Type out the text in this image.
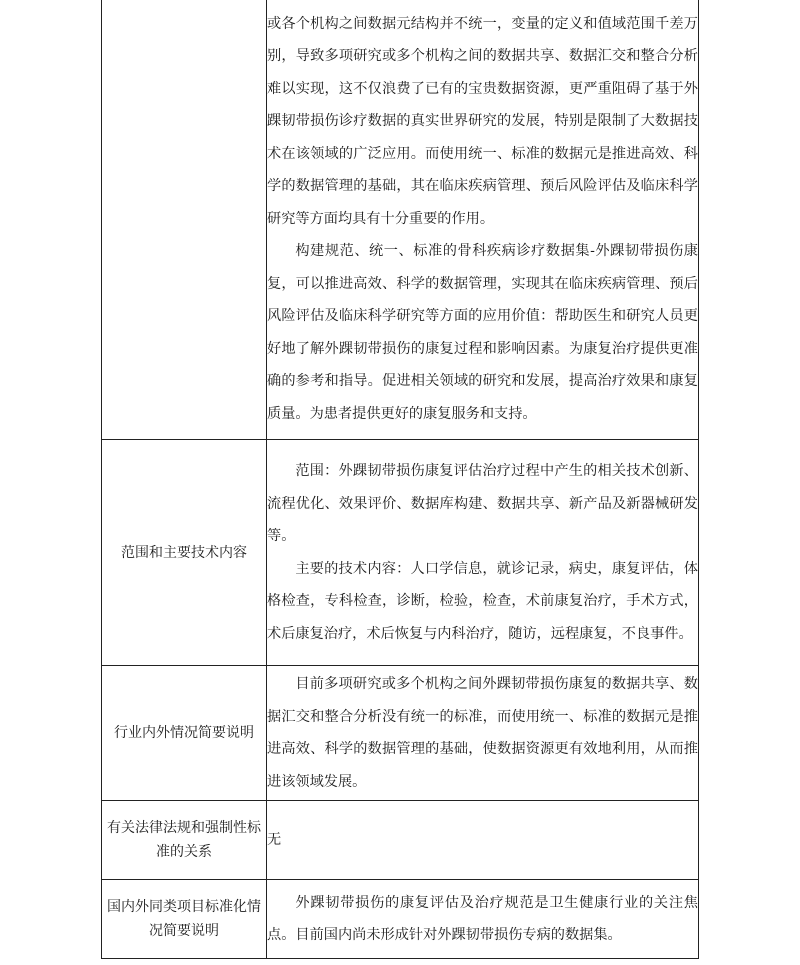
	或各个机构之间数据元结构并不统一，变量的定义和值域范围千差万别，导致多项研究或多个机构之间的数据共享、数据汇交和整合分析难以实现，这不仅浪费了已有的宝贵数据资源，更严重阻碍了基于外踝韧带损伤诊疗数据的真实世界研究的发展，特别是限制了大数据技术在该领域的广泛应用。而使用统一、标准的数据元是推进高效、科学的数据管理的基础，其在临床疾病管理、预后风险评估及临床科学研究等方面均具有十分重要的作用。

构建规范、统一、标准的骨科疾病诊疗数据集-外踝韧带损伤康复，可以推进高效、科学的数据管理，实现其在临床疾病管理、预后风险评估及临床科学研究等方面的应用价值：帮助医生和研究人员更好地了解外踝韧带损伤的康复过程和影响因素。为康复治疗提供更准确的参考和指导。促进相关领域的研究和发展，提高治疗效果和康复质量。为患者提供更好的康复服务和支持。

范围和主要技术内容	范围：外踝韧带损伤康复评估治疗过程中产生的相关技术创新、流程优化、效果评价、数据库构建、数据共享、新产品及新器械研发等。

主要的技术内容：人口学信息，就诊记录，病史，康复评估，体格检查，专科检查，诊断，检验，检查，术前康复治疗，手术方式，术后康复治疗，术后恢复与内科治疗，随访，远程康复，不良事件。

行业内外情况简要说明	目前多项研究或多个机构之间外踝韧带损伤康复的数据共享、数据汇交和整合分析没有统一的标准，而使用统一、标准的数据元是推进高效、科学的数据管理的基础，使数据资源更有效地利用，从而推进该领域发展。

有关法律法规和强制性标准的关系	无

国内外同类项目标准化情况简要说明	外踝韧带损伤的康复评估及治疗规范是卫生健康行业的关注焦点。目前国内尚未形成针对外踝韧带损伤专病的数据集。
